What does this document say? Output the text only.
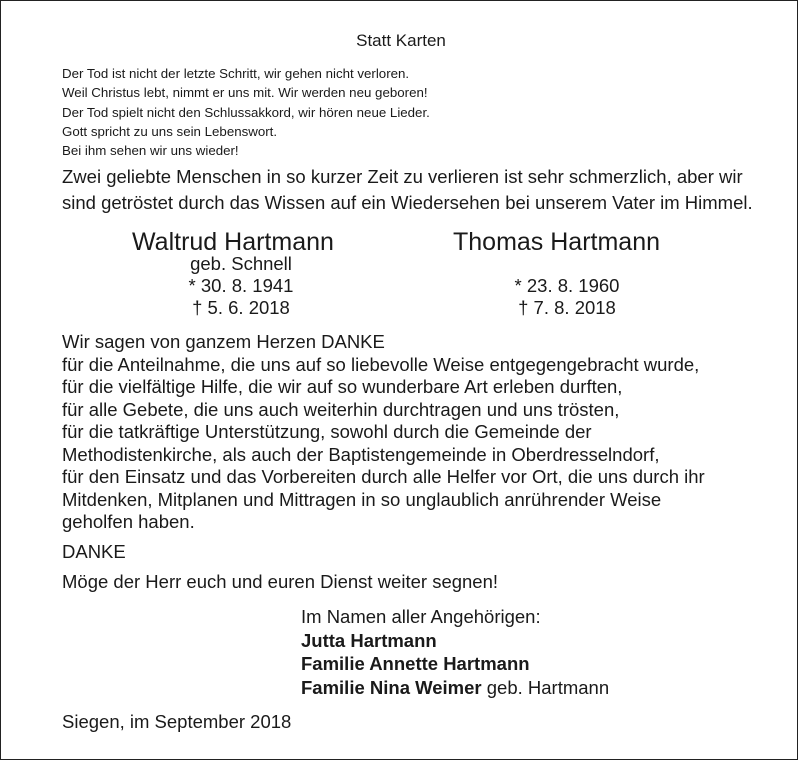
Statt Karten
Der Tod ist nicht der letzte Schritt, wir gehen nicht verloren.
Weil Christus lebt, nimmt er uns mit. Wir werden neu geboren!
Der Tod spielt nicht den Schlussakkord, wir hören neue Lieder.
Gott spricht zu uns sein Lebenswort.
Bei ihm sehen wir uns wieder!
Zwei geliebte Menschen in so kurzer Zeit zu verlieren ist sehr schmerzlich, aber wir
sind getröstet durch das Wissen auf ein Wiedersehen bei unserem Vater im Himmel.
Waltrud Hartmann
geb. Schnell
* 30. 8. 1941
† 5. 6. 2018
Thomas Hartmann
* 23. 8. 1960
† 7. 8. 2018
Wir sagen von ganzem Herzen DANKE
für die Anteilnahme, die uns auf so liebevolle Weise entgegengebracht wurde,
für die vielfältige Hilfe, die wir auf so wunderbare Art erleben durften,
für alle Gebete, die uns auch weiterhin durchtragen und uns trösten,
für die tatkräftige Unterstützung, sowohl durch die Gemeinde der
Methodistenkirche, als auch der Baptistengemeinde in Oberdresselndorf,
für den Einsatz und das Vorbereiten durch alle Helfer vor Ort, die uns durch ihr
Mitdenken, Mitplanen und Mittragen in so unglaublich anrührender Weise
geholfen haben.
DANKE
Möge der Herr euch und euren Dienst weiter segnen!
Im Namen aller Angehörigen:
Jutta Hartmann
Familie Annette Hartmann
Familie Nina Weimer geb. Hartmann
Siegen, im September 2018
